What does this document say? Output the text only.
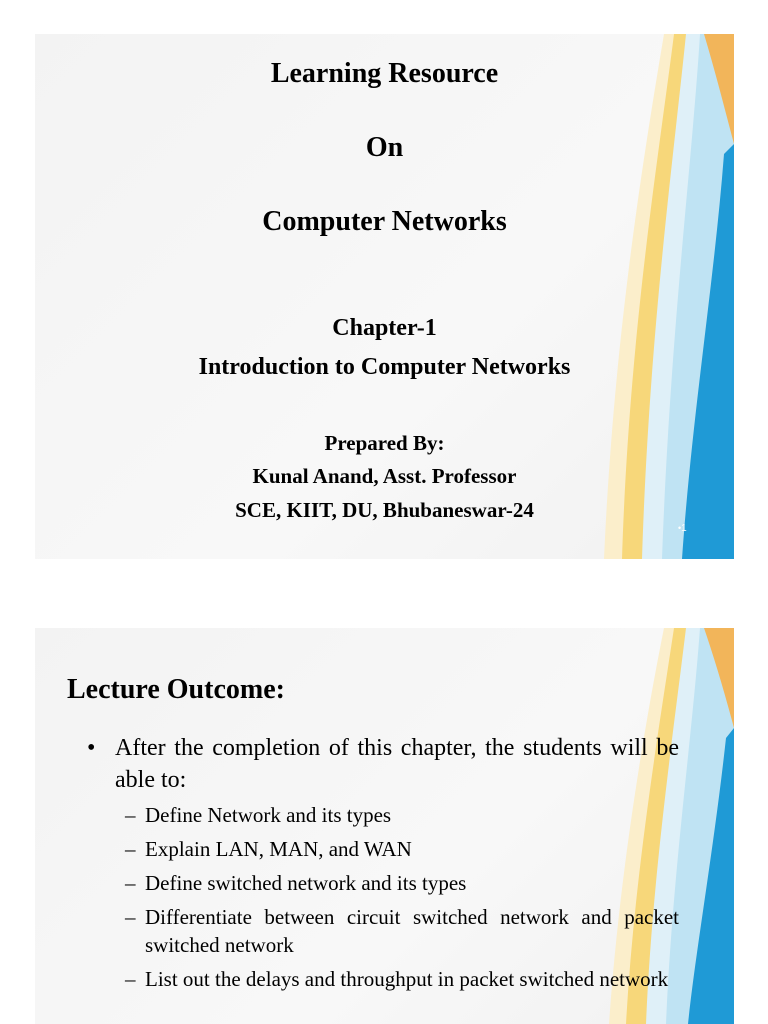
Learning Resource
On
Computer Networks
Chapter-1
Introduction to Computer Networks
Prepared By:
Kunal Anand, Asst. Professor
SCE, KIIT, DU, Bhubaneswar-24
•1
Lecture Outcome:
• After the completion of this chapter, the students will be able to:
– Define Network and its types
– Explain LAN, MAN, and WAN
– Define switched network and its types
– Differentiate between circuit switched network and packet switched network
– List out the delays and throughput in packet switched network
